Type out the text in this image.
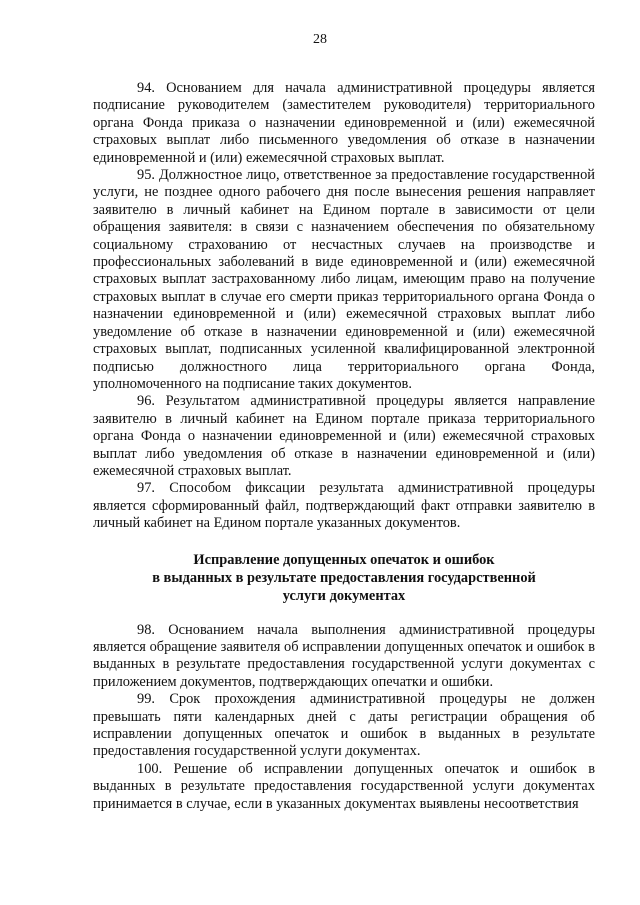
28

94. Основанием для начала административной процедуры является подписание руководителем (заместителем руководителя) территориального органа Фонда приказа о назначении единовременной и (или) ежемесячной страховых выплат либо письменного уведомления об отказе в назначении единовременной и (или) ежемесячной страховых выплат.

95. Должностное лицо, ответственное за предоставление государственной услуги, не позднее одного рабочего дня после вынесения решения направляет заявителю в личный кабинет на Едином портале в зависимости от цели обращения заявителя: в связи с назначением обеспечения по обязательному социальному страхованию от несчастных случаев на производстве и профессиональных заболеваний в виде единовременной и (или) ежемесячной страховых выплат застрахованному либо лицам, имеющим право на получение страховых выплат в случае его смерти приказ территориального органа Фонда о назначении единовременной и (или) ежемесячной страховых выплат либо уведомление об отказе в назначении единовременной и (или) ежемесячной страховых выплат, подписанных усиленной квалифицированной электронной подписью должностного лица территориального органа Фонда, уполномоченного на подписание таких документов.

96. Результатом административной процедуры является направление заявителю в личный кабинет на Едином портале приказа территориального органа Фонда о назначении единовременной и (или) ежемесячной страховых выплат либо уведомления об отказе в назначении единовременной и (или) ежемесячной страховых выплат.

97. Способом фиксации результата административной процедуры является сформированный файл, подтверждающий факт отправки заявителю в личный кабинет на Едином портале указанных документов.

Исправление допущенных опечаток и ошибок
в выданных в результате предоставления государственной
услуги документах

98. Основанием начала выполнения административной процедуры является обращение заявителя об исправлении допущенных опечаток и ошибок в выданных в результате предоставления государственной услуги документах с приложением документов, подтверждающих опечатки и ошибки.

99. Срок прохождения административной процедуры не должен превышать пяти календарных дней с даты регистрации обращения об исправлении допущенных опечаток и ошибок в выданных в результате предоставления государственной услуги документах.

100. Решение об исправлении допущенных опечаток и ошибок в выданных в результате предоставления государственной услуги документах принимается в случае, если в указанных документах выявлены несоответствия
